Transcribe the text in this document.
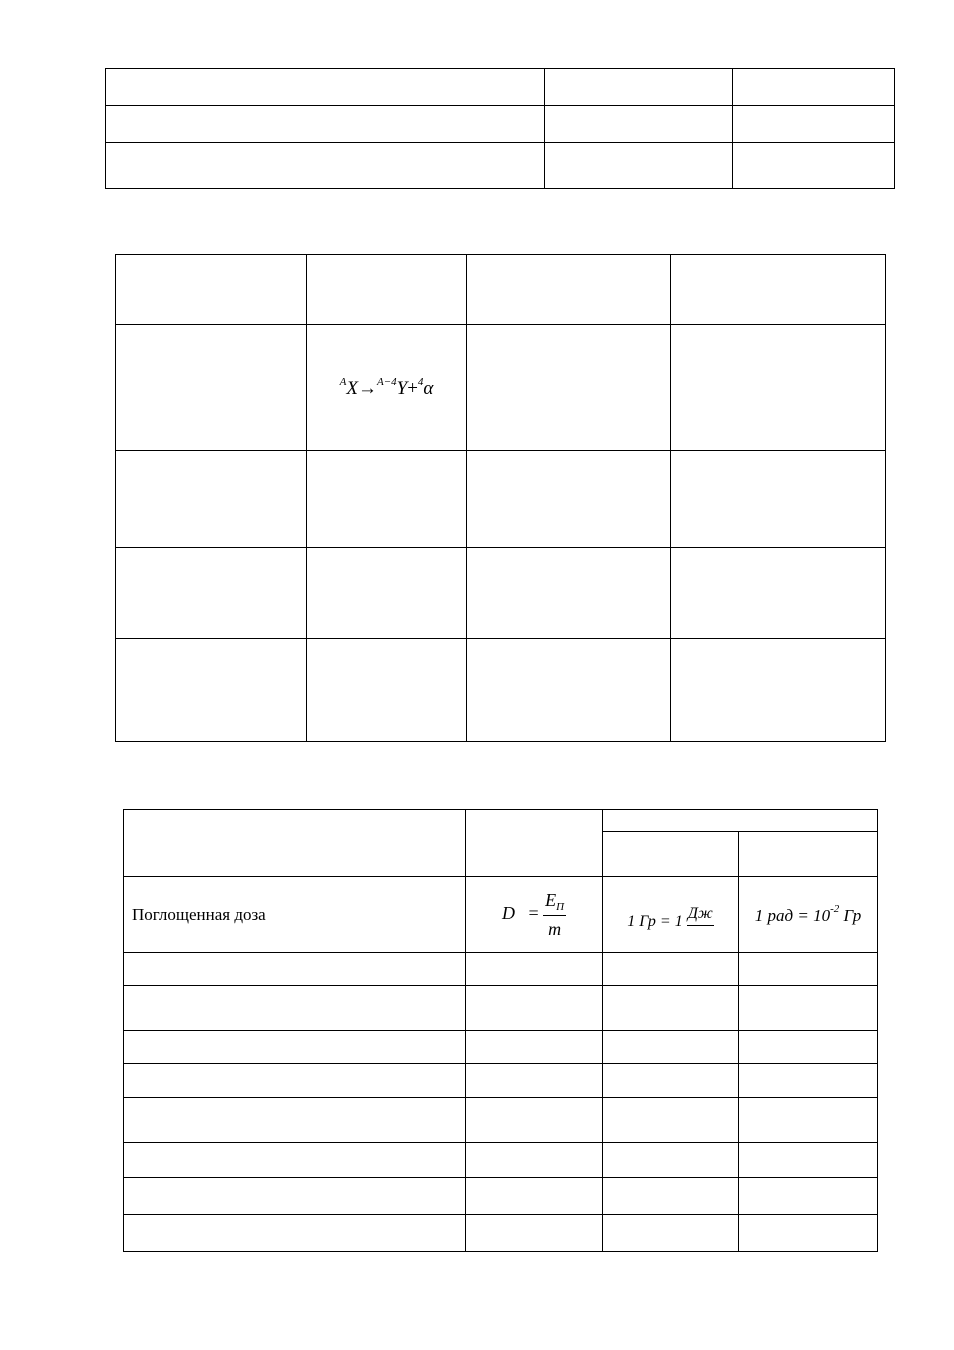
	$^A$X→$^{A-4}$Y+$^4$α		

Поглощенная доза	$D = \frac{E_П}{m}$	1 Гр = 1 Дж	1 рад = $10^{-2}$ Гр
